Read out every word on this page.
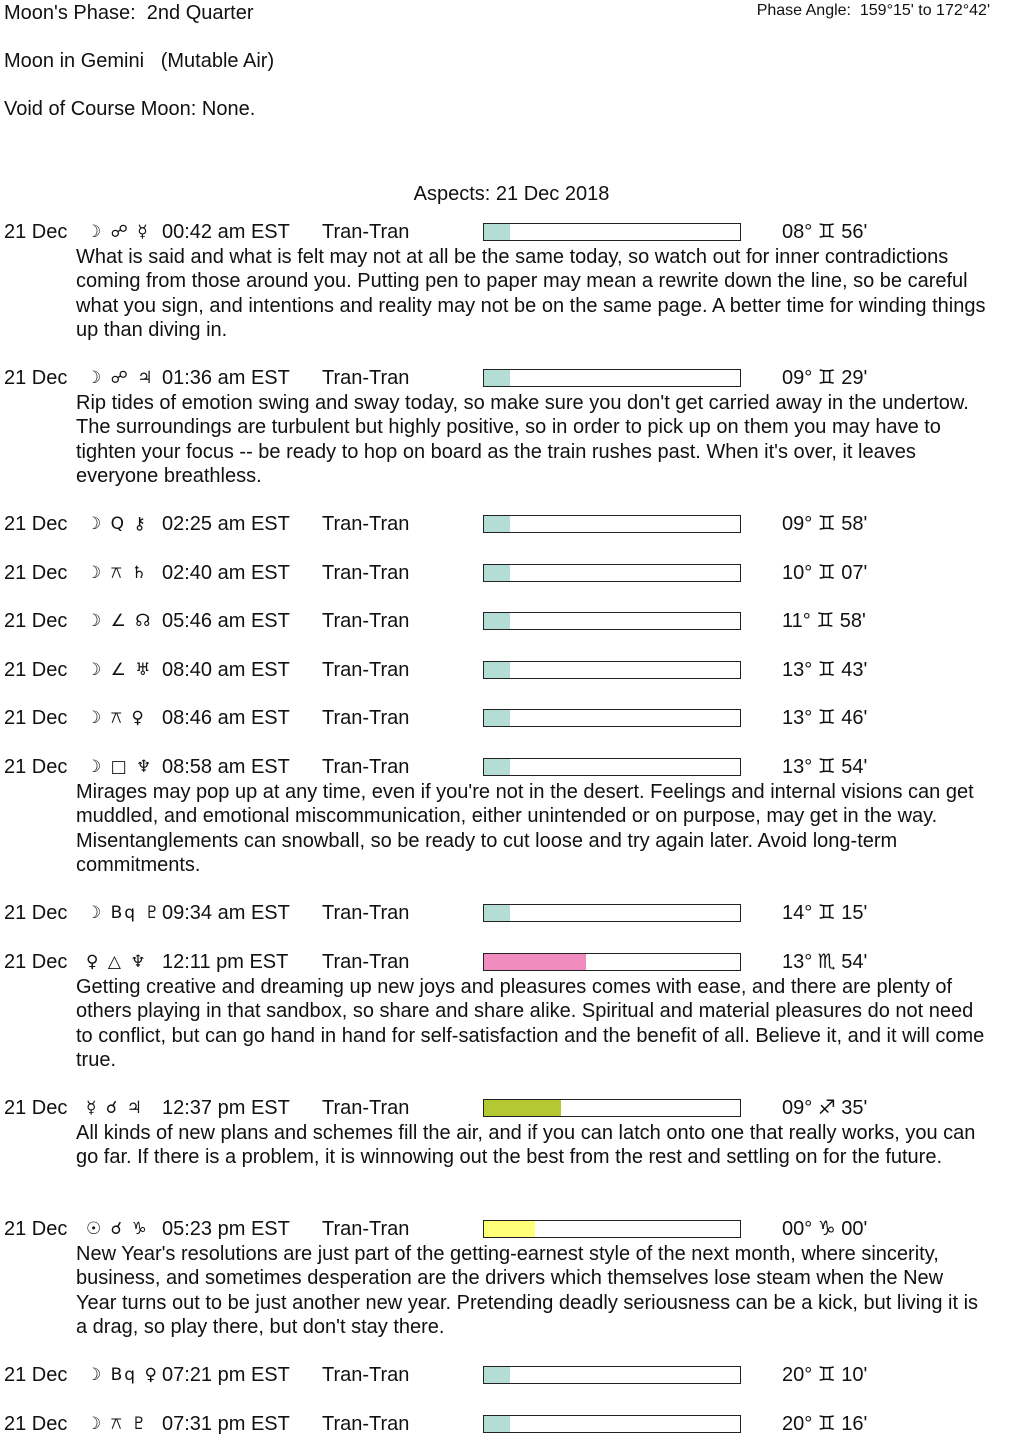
Moon's Phase:  2nd Quarter	Phase Angle:  159°15' to 172°42'
Moon in Gemini   (Mutable Air)
Void of Course Moon: None.
Aspects: 21 Dec 2018
21 Dec ☽ ☍ ☿ 00:42 am EST Tran-Tran	08° ♊ 56'
What is said and what is felt may not at all be the same today, so watch out for inner contradictions coming from those around you. Putting pen to paper may mean a rewrite down the line, so be careful what you sign, and intentions and reality may not be on the same page. A better time for winding things up than diving in.
21 Dec ☽ ☍ ♃ 01:36 am EST Tran-Tran	09° ♊ 29'
Rip tides of emotion swing and sway today, so make sure you don't get carried away in the undertow. The surroundings are turbulent but highly positive, so in order to pick up on them you may have to tighten your focus -- be ready to hop on board as the train rushes past. When it's over, it leaves everyone breathless.
21 Dec ☽ Q ⚷ 02:25 am EST Tran-Tran	09° ♊ 58'
21 Dec ☽ ⚻ ♄ 02:40 am EST Tran-Tran	10° ♊ 07'
21 Dec ☽ ∠ ☊ 05:46 am EST Tran-Tran	11° ♊ 58'
21 Dec ☽ ∠ ♅ 08:40 am EST Tran-Tran	13° ♊ 43'
21 Dec ☽ ⚻ ♀ 08:46 am EST Tran-Tran	13° ♊ 46'
21 Dec ☽ □ ♆ 08:58 am EST Tran-Tran	13° ♊ 54'
Mirages may pop up at any time, even if you're not in the desert. Feelings and internal visions can get muddled, and emotional miscommunication, either unintended or on purpose, may get in the way. Misentanglements can snowball, so be ready to cut loose and try again later. Avoid long-term commitments.
21 Dec ☽ Bq ♇ 09:34 am EST Tran-Tran	14° ♊ 15'
21 Dec ♀ △ ♆ 12:11 pm EST Tran-Tran	13° ♏ 54'
Getting creative and dreaming up new joys and pleasures comes with ease, and there are plenty of others playing in that sandbox, so share and share alike. Spiritual and material pleasures do not need to conflict, but can go hand in hand for self-satisfaction and the benefit of all. Believe it, and it will come true.
21 Dec ☿ ☌ ♃ 12:37 pm EST Tran-Tran	09° ♐ 35'
All kinds of new plans and schemes fill the air, and if you can latch onto one that really works, you can go far. If there is a problem, it is winnowing out the best from the rest and settling on for the future.
21 Dec ☉ ☌ ♑ 05:23 pm EST Tran-Tran	00° ♑ 00'
New Year's resolutions are just part of the getting-earnest style of the next month, where sincerity, business, and sometimes desperation are the drivers which themselves lose steam when the New Year turns out to be just another new year. Pretending deadly seriousness can be a kick, but living it is a drag, so play there, but don't stay there.
21 Dec ☽ Bq ♀ 07:21 pm EST Tran-Tran	20° ♊ 10'
21 Dec ☽ ⚻ ♇ 07:31 pm EST Tran-Tran	20° ♊ 16'
